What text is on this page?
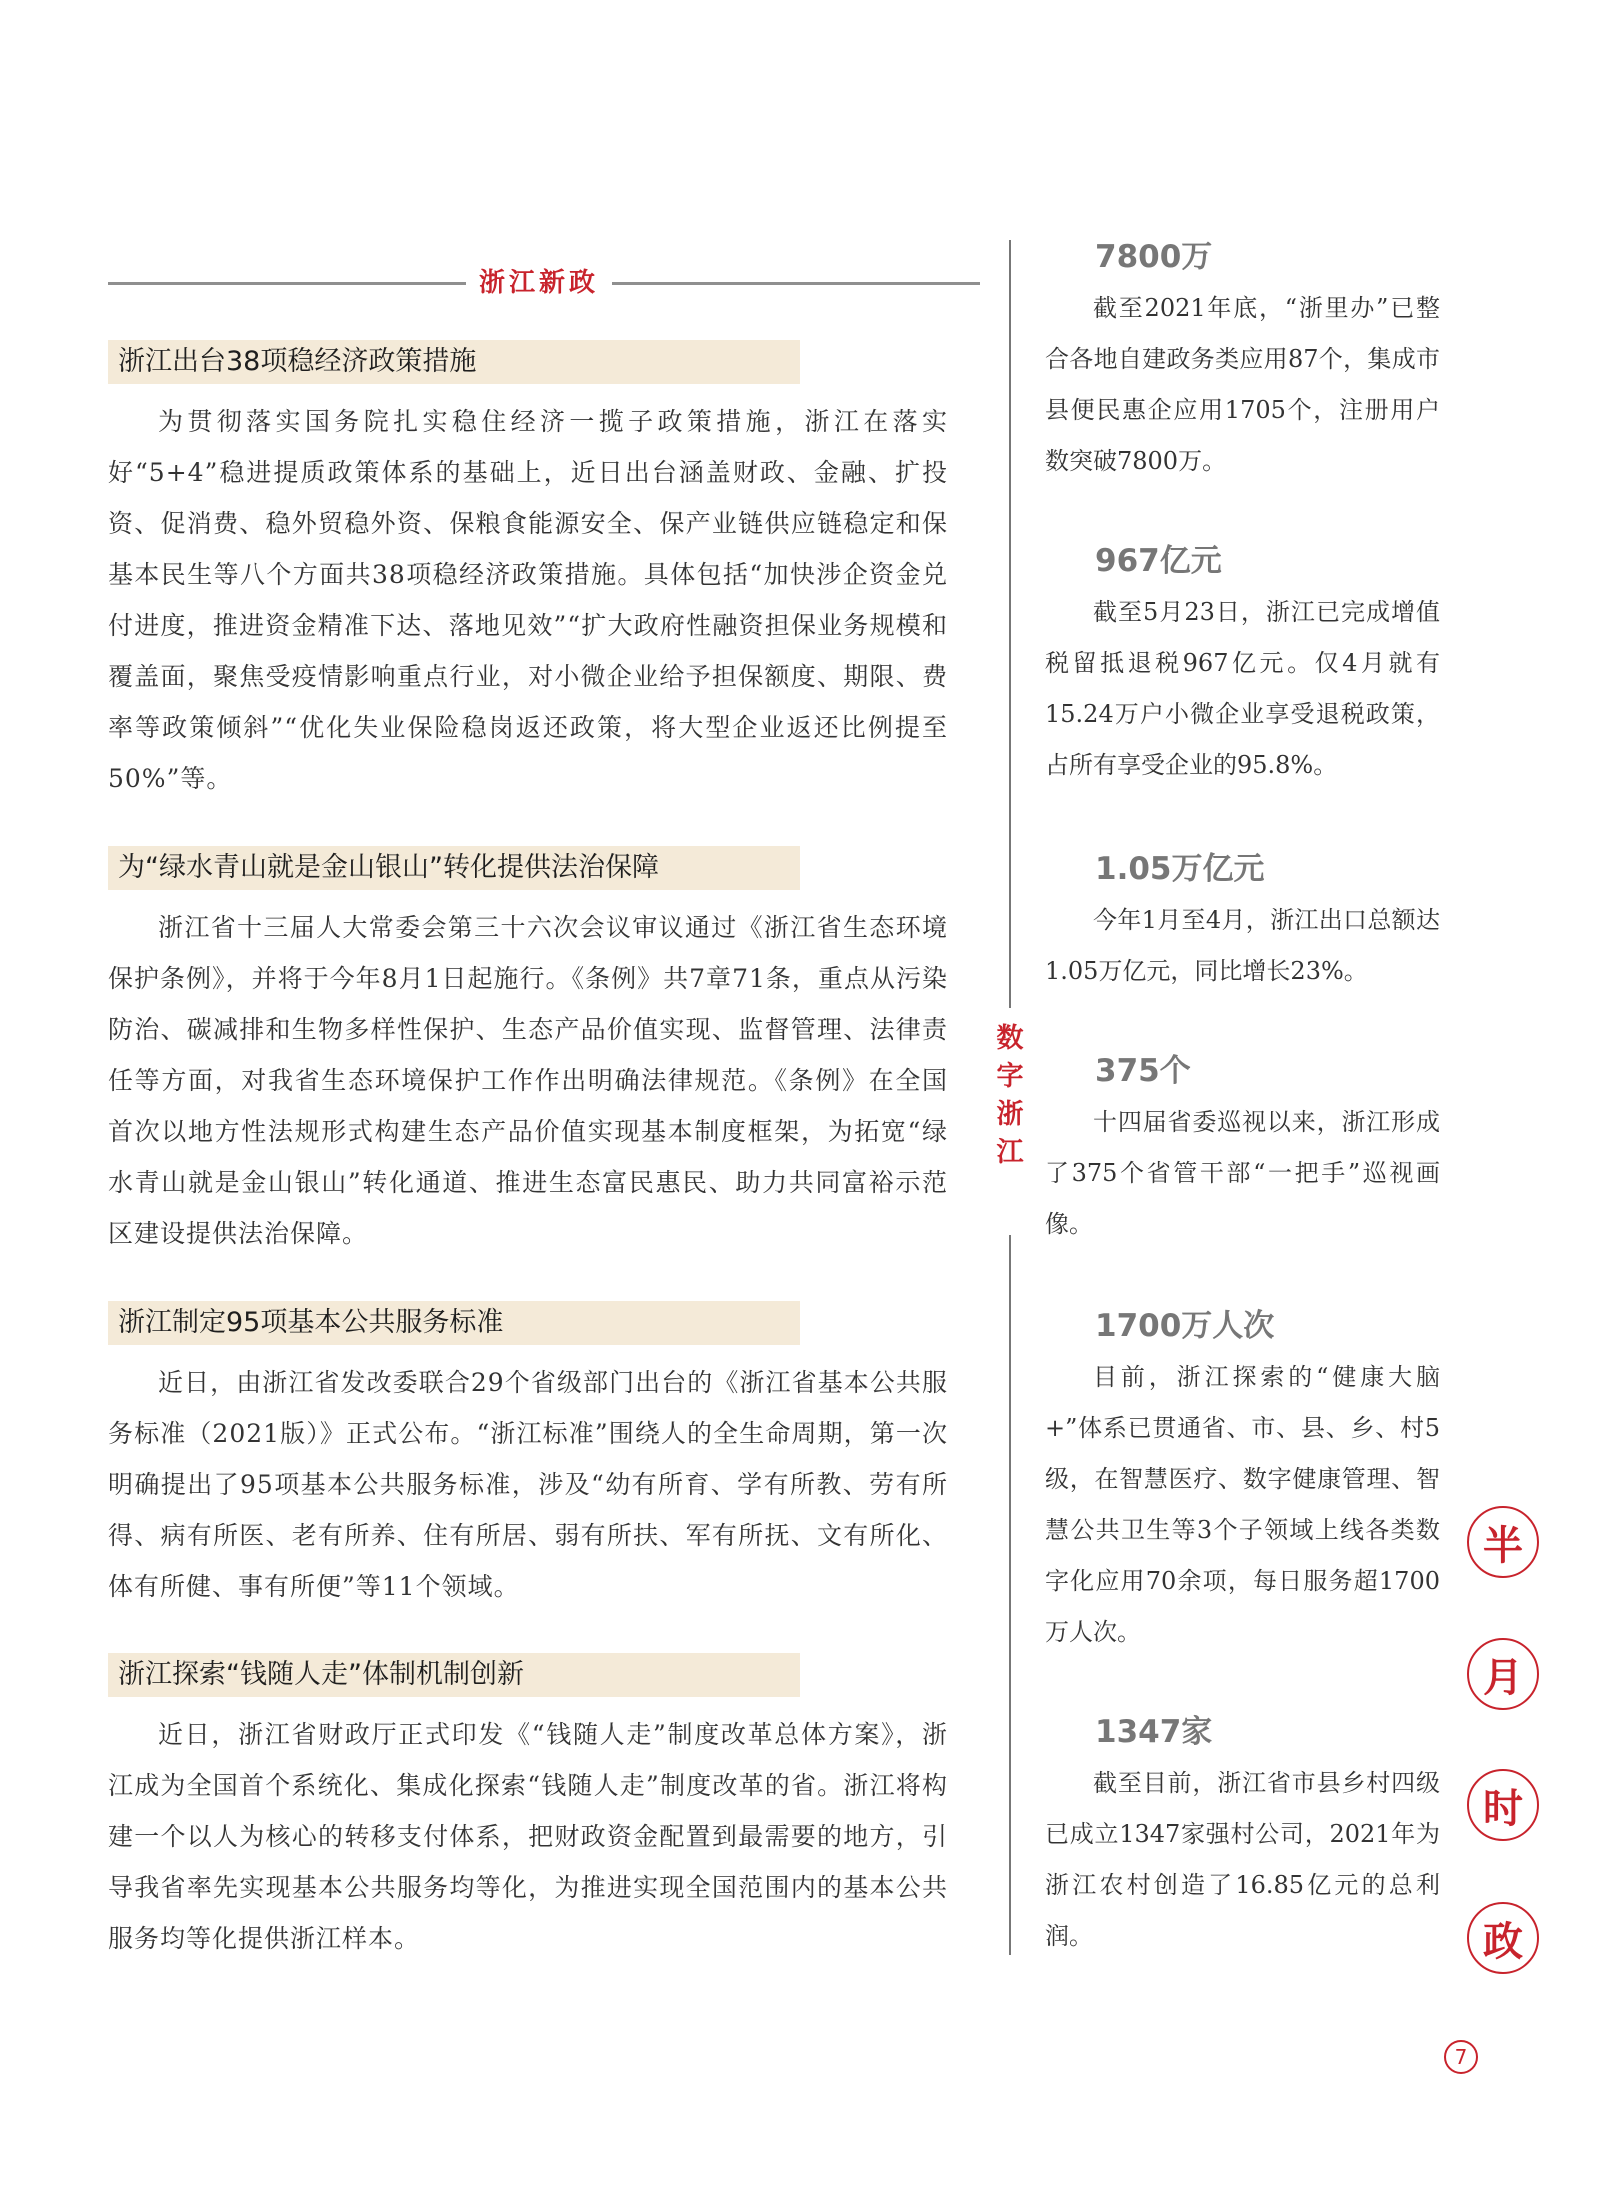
浙江新政
浙江出台38项稳经济政策措施

为贯彻落实国务院扎实稳住经济一揽子政策措施，浙江在落实好“5+4”稳进提质政策体系的基础上，近日出台涵盖财政、金融、扩投资、促消费、稳外贸稳外资、保粮食能源安全、保产业链供应链稳定和保基本民生等八个方面共38项稳经济政策措施。具体包括“加快涉企资金兑付进度，推进资金精准下达、落地见效”“扩大政府性融资担保业务规模和覆盖面，聚焦受疫情影响重点行业，对小微企业给予担保额度、期限、费率等政策倾斜”“优化失业保险稳岗返还政策，将大型企业返还比例提至50%”等。

为“绿水青山就是金山银山”转化提供法治保障

浙江省十三届人大常委会第三十六次会议审议通过《浙江省生态环境保护条例》，并将于今年8月1日起施行。《条例》共7章71条，重点从污染防治、碳减排和生物多样性保护、生态产品价值实现、监督管理、法律责任等方面，对我省生态环境保护工作作出明确法律规范。《条例》在全国首次以地方性法规形式构建生态产品价值实现基本制度框架，为拓宽“绿水青山就是金山银山”转化通道、推进生态富民惠民、助力共同富裕示范区建设提供法治保障。

浙江制定95项基本公共服务标准

近日，由浙江省发改委联合29个省级部门出台的《浙江省基本公共服务标准（2021版）》正式公布。“浙江标准”围绕人的全生命周期，第一次明确提出了95项基本公共服务标准，涉及“幼有所育、学有所教、劳有所得、病有所医、老有所养、住有所居、弱有所扶、军有所抚、文有所化、体有所健、事有所便”等11个领域。

浙江探索“钱随人走”体制机制创新

近日，浙江省财政厅正式印发《“钱随人走”制度改革总体方案》，浙江成为全国首个系统化、集成化探索“钱随人走”制度改革的省。浙江将构建一个以人为核心的转移支付体系，把财政资金配置到最需要的地方，引导我省率先实现基本公共服务均等化，为推进实现全国范围内的基本公共服务均等化提供浙江样本。

数
字
浙
江
7800万

截至2021年底，“浙里办”已整合各地自建政务类应用87个，集成市县便民惠企应用1705个，注册用户数突破7800万。

967亿元

截至5月23日，浙江已完成增值税留抵退税967亿元。仅4月就有15.24万户小微企业享受退税政策，占所有享受企业的95.8%。

1.05万亿元

今年1月至4月，浙江出口总额达1.05万亿元，同比增长23%。

375个

十四届省委巡视以来，浙江形成了375个省管干部“一把手”巡视画像。

1700万人次

目前，浙江探索的“健康大脑+”体系已贯通省、市、县、乡、村5级，在智慧医疗、数字健康管理、智慧公共卫生等3个子领域上线各类数字化应用70余项，每日服务超1700万人次。

1347家

截至目前，浙江省市县乡村四级已成立1347家强村公司，2021年为浙江农村创造了16.85亿元的总利润。

半
月
时
政
7
